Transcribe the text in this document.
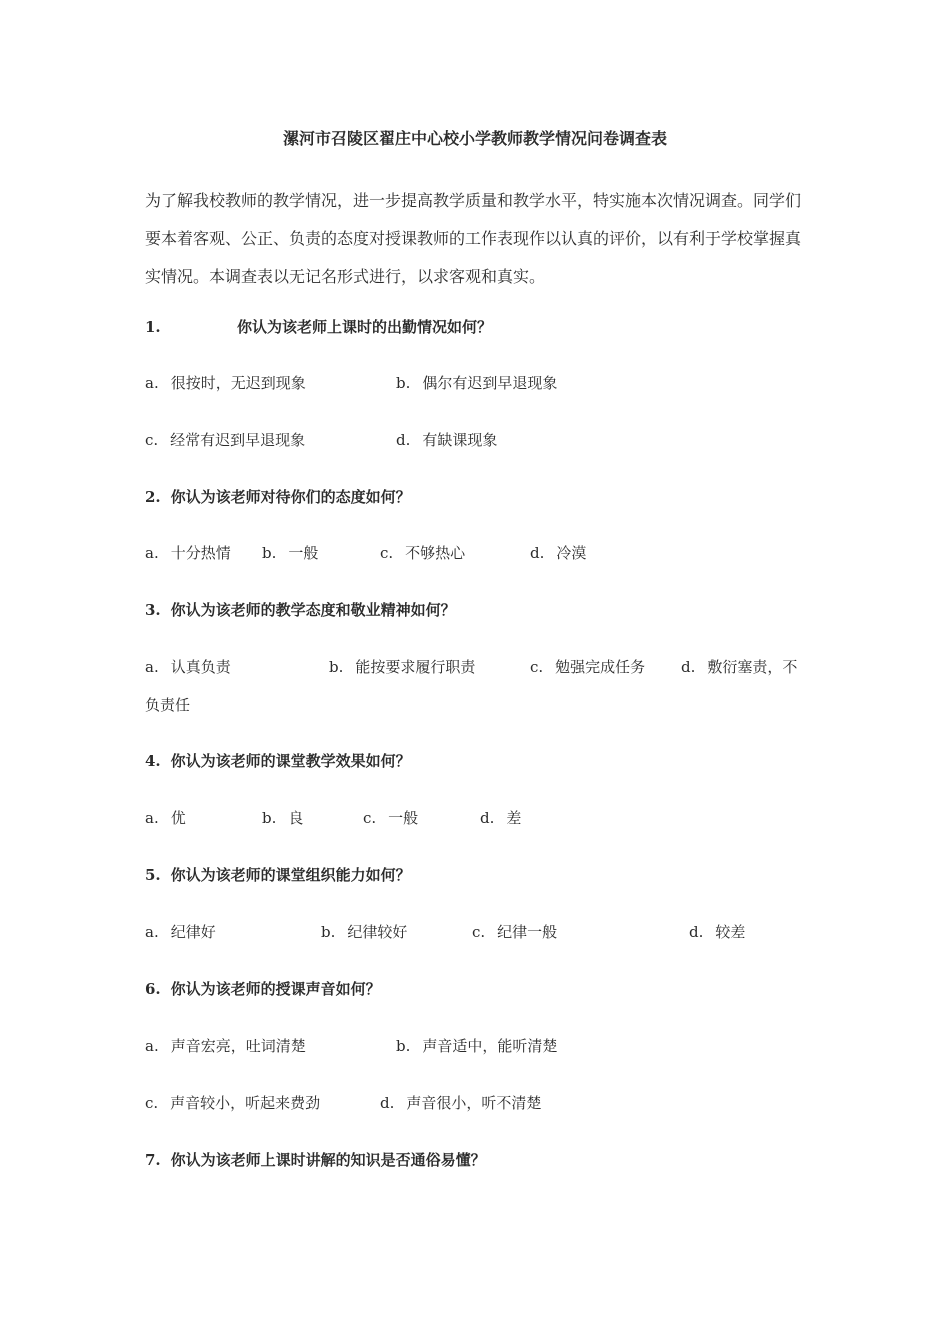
漯河市召陵区翟庄中心校小学教师教学情况问卷调查表

为了解我校教师的教学情况，进一步提高教学质量和教学水平，特实施本次情况调查。同学们要本着客观、公正、负责的态度对授课教师的工作表现作以认真的评价，以有利于学校掌握真实情况。本调查表以无记名形式进行，以求客观和真实。

1.	你认为该老师上课时的出勤情况如何？
a. 很按时，无迟到现象	b. 偶尔有迟到早退现象
c. 经常有迟到早退现象	d. 有缺课现象
2. 你认为该老师对待你们的态度如何？
a. 十分热情 b. 一般	c. 不够热心	d. 冷漠
3. 你认为该老师的教学态度和敬业精神如何？
a. 认真负责	b. 能按要求履行职责	c. 勉强完成任务 d. 敷衍塞责，不
负责任
4. 你认为该老师的课堂教学效果如何？
a. 优	b. 良	c. 一般	d. 差
5. 你认为该老师的课堂组织能力如何？
a. 纪律好	b. 纪律较好	c. 纪律一般	d. 较差
6. 你认为该老师的授课声音如何？
a. 声音宏亮，吐词清楚	b. 声音适中，能听清楚
c. 声音较小，听起来费劲	d. 声音很小，听不清楚
7. 你认为该老师上课时讲解的知识是否通俗易懂？
